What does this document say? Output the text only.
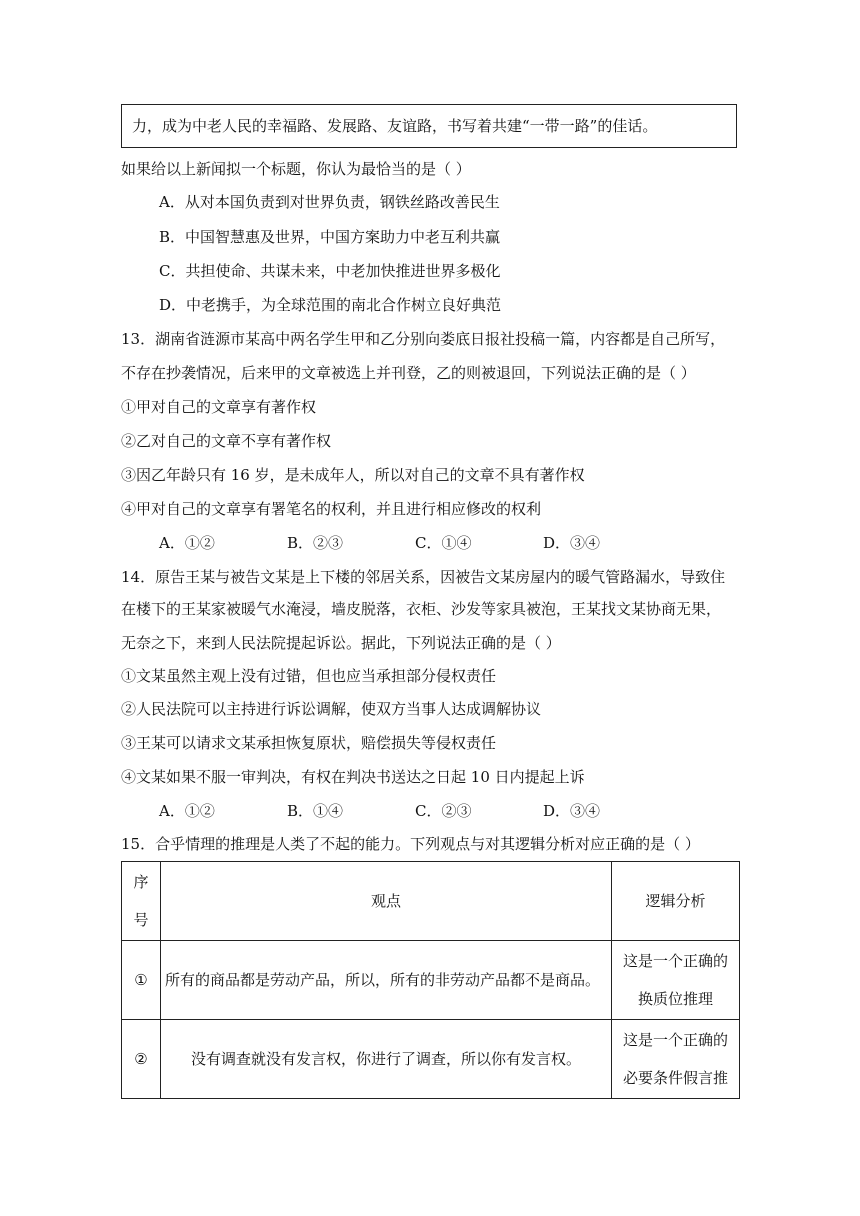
力，成为中老人民的幸福路、发展路、友谊路，书写着共建“一带一路”的佳话。
如果给以上新闻拟一个标题，你认为最恰当的是（ ）
A．从对本国负责到对世界负责，钢铁丝路改善民生
B．中国智慧惠及世界，中国方案助力中老互利共赢
C．共担使命、共谋未来，中老加快推进世界多极化
D．中老携手，为全球范围的南北合作树立良好典范
13．湖南省涟源市某高中两名学生甲和乙分别向娄底日报社投稿一篇，内容都是自己所写，
不存在抄袭情况，后来甲的文章被选上并刊登，乙的则被退回，下列说法正确的是（ ）
①甲对自己的文章享有著作权
②乙对自己的文章不享有著作权
③因乙年龄只有 16 岁，是未成年人，所以对自己的文章不具有著作权
④甲对自己的文章享有署笔名的权利，并且进行相应修改的权利
A．①②	B．②③	C．①④	D．③④
14．原告王某与被告文某是上下楼的邻居关系，因被告文某房屋内的暖气管路漏水，导致住
在楼下的王某家被暖气水淹浸，墙皮脱落，衣柜、沙发等家具被泡，王某找文某协商无果，
无奈之下，来到人民法院提起诉讼。据此，下列说法正确的是（ ）
①文某虽然主观上没有过错，但也应当承担部分侵权责任
②人民法院可以主持进行诉讼调解，使双方当事人达成调解协议
③王某可以请求文某承担恢复原状，赔偿损失等侵权责任
④文某如果不服一审判决，有权在判决书送达之日起 10 日内提起上诉
A．①②	B．①④	C．②③	D．③④
15．合乎情理的推理是人类了不起的能力。下列观点与对其逻辑分析对应正确的是（ ）
序号	观点	逻辑分析
①	所有的商品都是劳动产品，所以，所有的非劳动产品都不是商品。	这是一个正确的换质位推理

②	没有调查就没有发言权，你进行了调查，所以你有发言权。	这是一个正确的必要条件假言推
